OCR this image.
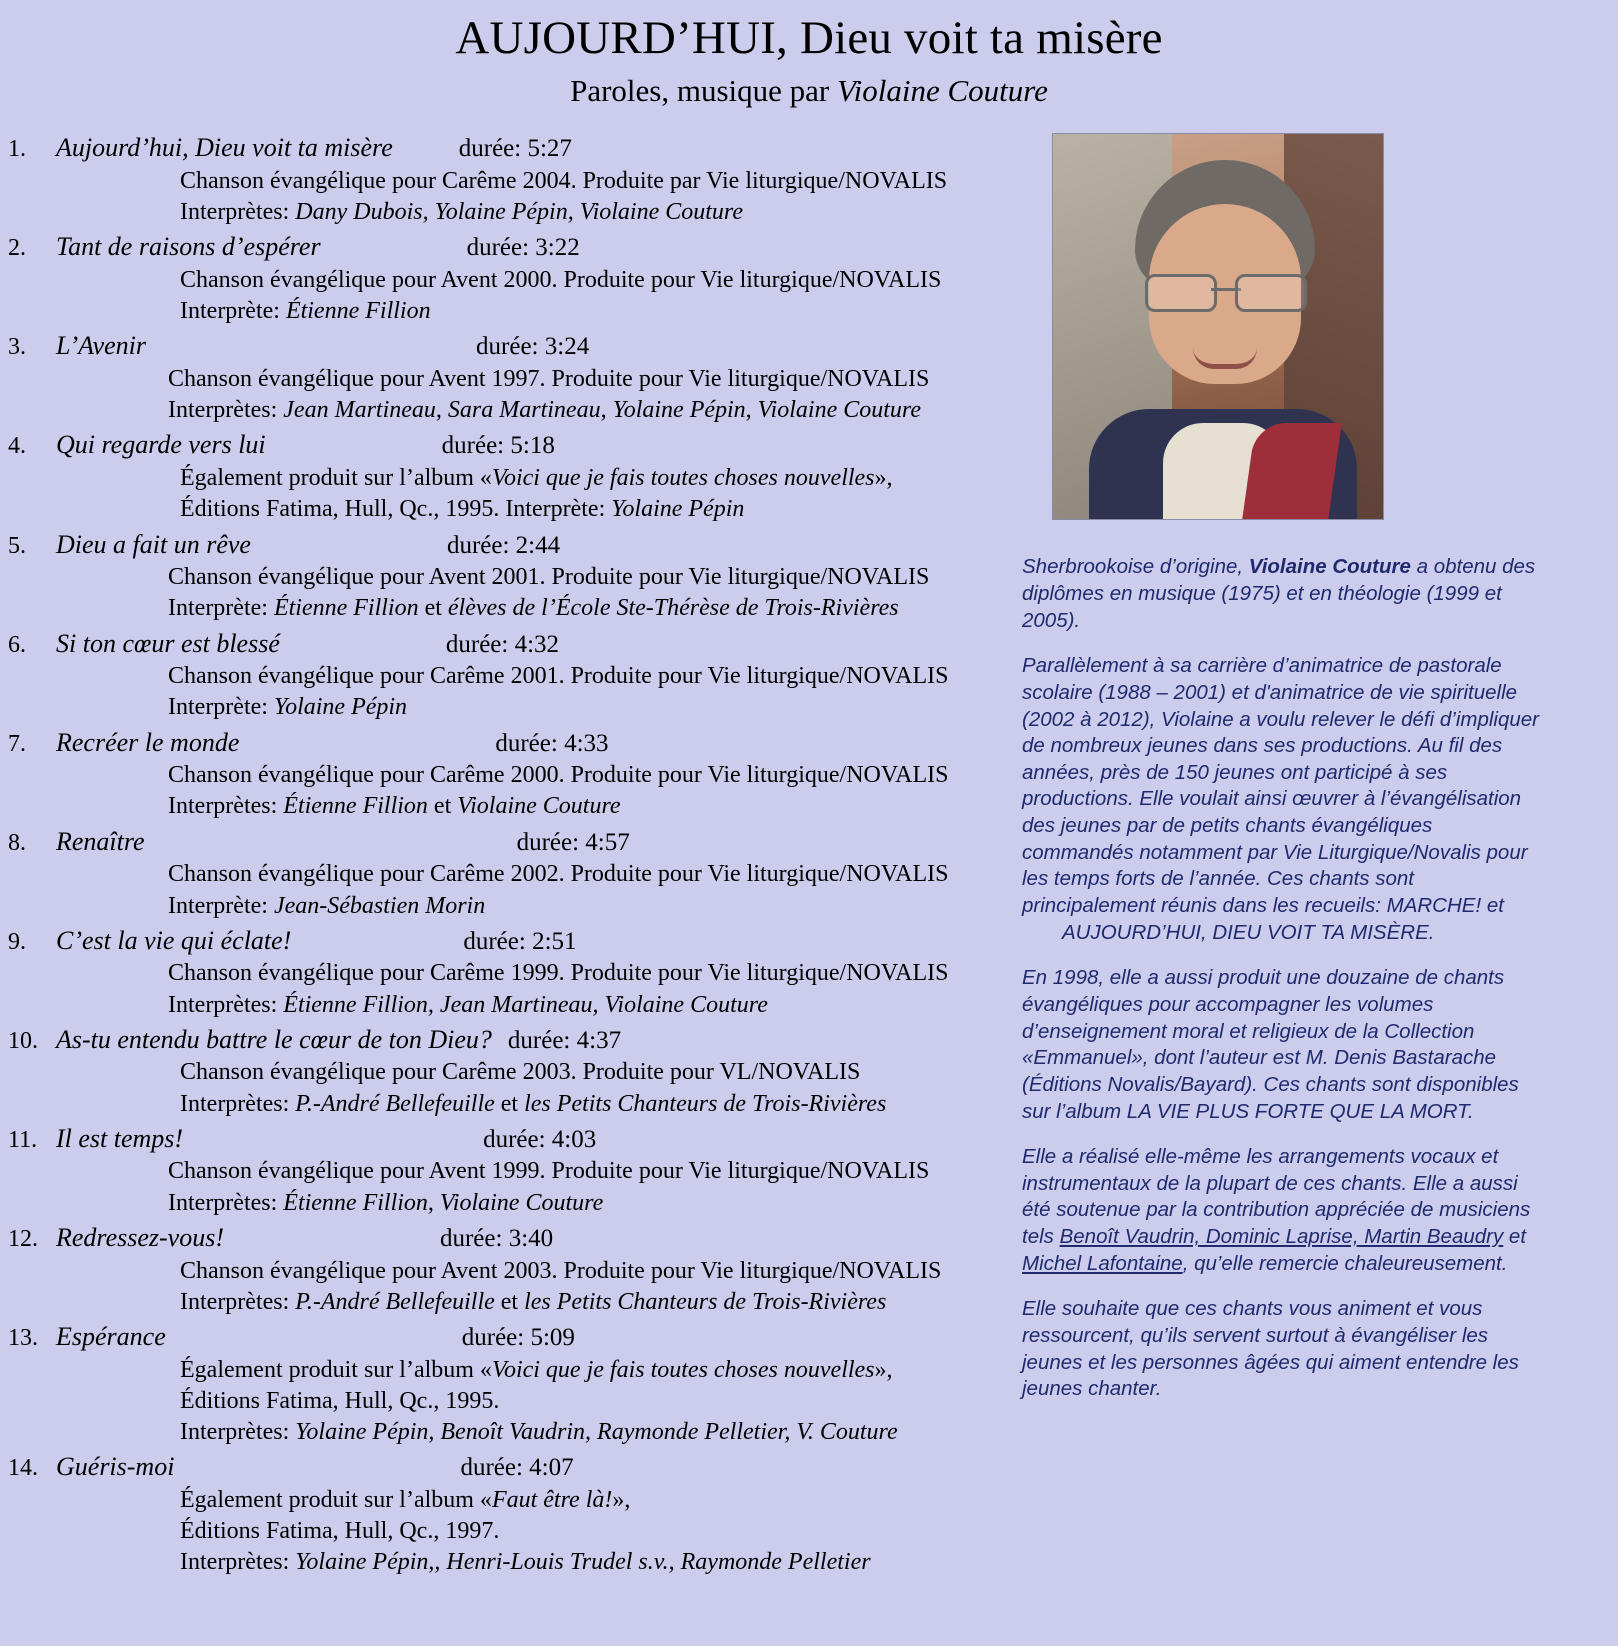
AUJOURD’HUI, Dieu voit ta misère
Paroles, musique par Violaine Couture
1.	Aujourd’hui, Dieu voit ta misère	durée: 5:27
Chanson évangélique pour Carême 2004. Produite par Vie liturgique/NOVALIS
Interprètes: Dany Dubois, Yolaine Pépin, Violaine Couture
2.	Tant de raisons d’espérer	durée: 3:22
Chanson évangélique pour Avent 2000. Produite pour Vie liturgique/NOVALIS
Interprète: Étienne Fillion
3.	L’Avenir	durée: 3:24
Chanson évangélique pour Avent 1997. Produite pour Vie liturgique/NOVALIS
Interprètes: Jean Martineau, Sara Martineau, Yolaine Pépin, Violaine Couture
4.	Qui regarde vers lui	durée: 5:18
Également produit sur l’album «Voici que je fais toutes choses nouvelles»,
Éditions Fatima, Hull, Qc., 1995. Interprète: Yolaine Pépin
5.	Dieu a fait un rêve	durée: 2:44
Chanson évangélique pour Avent 2001. Produite pour Vie liturgique/NOVALIS
Interprète: Étienne Fillion et élèves de l’École Ste-Thérèse de Trois-Rivières
6.	Si ton cœur est blessé	durée: 4:32
Chanson évangélique pour Carême 2001. Produite pour Vie liturgique/NOVALIS
Interprète: Yolaine Pépin
7.	Recréer le monde	durée: 4:33
Chanson évangélique pour Carême 2000. Produite pour Vie liturgique/NOVALIS
Interprètes: Étienne Fillion et Violaine Couture
8.	Renaître	durée: 4:57
Chanson évangélique pour Carême 2002. Produite pour Vie liturgique/NOVALIS
Interprète: Jean-Sébastien Morin
9.	C’est la vie qui éclate!	durée: 2:51
Chanson évangélique pour Carême 1999. Produite pour Vie liturgique/NOVALIS
Interprètes: Étienne Fillion, Jean Martineau, Violaine Couture
10. As-tu entendu battre le cœur de ton Dieu? durée: 4:37
Chanson évangélique pour Carême 2003. Produite pour VL/NOVALIS
Interprètes: P.-André Bellefeuille et les Petits Chanteurs de Trois-Rivières
11. Il est temps!	durée: 4:03
Chanson évangélique pour Avent 1999. Produite pour Vie liturgique/NOVALIS
Interprètes: Étienne Fillion, Violaine Couture
12. Redressez-vous!	durée: 3:40
Chanson évangélique pour Avent 2003. Produite pour Vie liturgique/NOVALIS
Interprètes: P.-André Bellefeuille et les Petits Chanteurs de Trois-Rivières
13. Espérance	durée: 5:09
Également produit sur l’album «Voici que je fais toutes choses nouvelles»,
Éditions Fatima, Hull, Qc., 1995.
Interprètes: Yolaine Pépin, Benoît Vaudrin, Raymonde Pelletier, V. Couture
14. Guéris-moi	durée: 4:07
Également produit sur l’album «Faut être là!»,
Éditions Fatima, Hull, Qc., 1997.
Interprètes: Yolaine Pépin,, Henri-Louis Trudel s.v., Raymonde Pelletier

Sherbrookoise d’origine, Violaine Couture a obtenu des diplômes en musique (1975) et en théologie (1999 et 2005).

Parallèlement à sa carrière d’animatrice de pastorale scolaire (1988 – 2001) et d'animatrice de vie spirituelle (2002 à 2012), Violaine a voulu relever le défi d’impliquer de nombreux jeunes dans ses productions. Au fil des années, près de 150 jeunes ont participé à ses productions. Elle voulait ainsi œuvrer à l’évangélisation des jeunes par de petits chants évangéliques commandés notamment par Vie Liturgique/Novalis pour les temps forts de l’année. Ces chants sont principalement réunis dans les recueils: MARCHE! et
AUJOURD’HUI, DIEU VOIT TA MISÈRE.

En 1998, elle a aussi produit une douzaine de chants évangéliques pour accompagner les volumes d’enseignement moral et religieux de la Collection «Emmanuel», dont l’auteur est M. Denis Bastarache (Éditions Novalis/Bayard). Ces chants sont disponibles sur l’album LA VIE PLUS FORTE QUE LA MORT.

Elle a réalisé elle-même les arrangements vocaux et instrumentaux de la plupart de ces chants. Elle a aussi été soutenue par la contribution appréciée de musiciens tels Benoît Vaudrin, Dominic Laprise, Martin Beaudry et Michel Lafontaine, qu’elle remercie chaleureusement.

Elle souhaite que ces chants vous animent et vous ressourcent, qu’ils servent surtout à évangéliser les jeunes et les personnes âgées qui aiment entendre les jeunes chanter.
